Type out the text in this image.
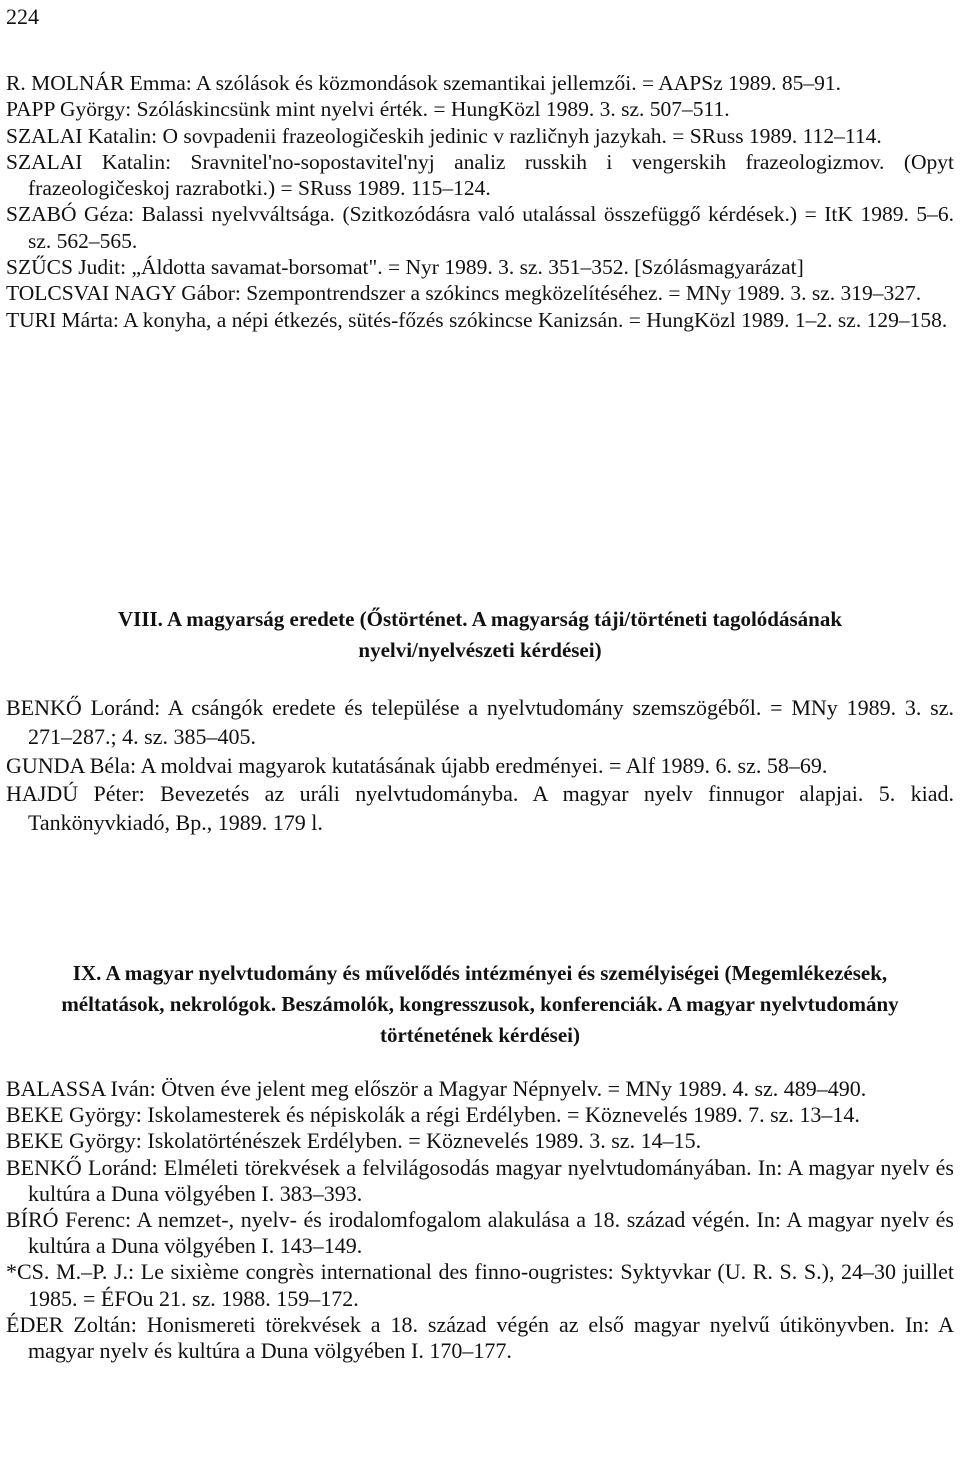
224
R. MOLNÁR Emma: A szólások és közmondások szemantikai jellemzői. = AAPSz 1989. 85–91.
PAPP György: Szóláskincsünk mint nyelvi érték. = HungKözl 1989. 3. sz. 507–511.
SZALAI Katalin: O sovpadenii frazeologičeskih jedinic v različnyh jazykah. = SRuss 1989. 112–114.
SZALAI Katalin: Sravnitel'no-sopostavitel'nyj analiz russkih i vengerskih frazeologizmov. (Opyt frazeologičeskoj razrabotki.) = SRuss 1989. 115–124.
SZABÓ Géza: Balassi nyelvváltsága. (Szitkozódásra való utalással összefüggő kérdések.) = ItK 1989. 5–6. sz. 562–565.
SZŰCS Judit: „Áldotta savamat-borsomat". = Nyr 1989. 3. sz. 351–352. [Szólásmagyarázat]
TOLCSVAI NAGY Gábor: Szempontrendszer a szókincs megközelítéséhez. = MNy 1989. 3. sz. 319–327.
TURI Márta: A konyha, a népi étkezés, sütés-főzés szókincse Kanizsán. = HungKözl 1989. 1–2. sz. 129–158.
VIII. A magyarság eredete (Őstörténet. A magyarság táji/történeti tagolódásának nyelvi/nyelvészeti kérdései)
BENKŐ Loránd: A csángók eredete és települése a nyelvtudomány szemszögéből. = MNy 1989. 3. sz. 271–287.; 4. sz. 385–405.
GUNDA Béla: A moldvai magyarok kutatásának újabb eredményei. = Alf 1989. 6. sz. 58–69.
HAJDÚ Péter: Bevezetés az uráli nyelvtudományba. A magyar nyelv finnugor alapjai. 5. kiad. Tankönyvkiadó, Bp., 1989. 179 l.
IX. A magyar nyelvtudomány és művelődés intézményei és személyiségei (Megemlékezések, méltatások, nekrológok. Beszámolók, kongresszusok, konferenciák. A magyar nyelvtudomány történetének kérdései)
BALASSA Iván: Ötven éve jelent meg először a Magyar Népnyelv. = MNy 1989. 4. sz. 489–490.
BEKE György: Iskolamesterek és népiskolák a régi Erdélyben. = Köznevelés 1989. 7. sz. 13–14.
BEKE György: Iskolatörténészek Erdélyben. = Köznevelés 1989. 3. sz. 14–15.
BENKŐ Loránd: Elméleti törekvések a felvilágosodás magyar nyelvtudományában. In: A magyar nyelv és kultúra a Duna völgyében I. 383–393.
BÍRÓ Ferenc: A nemzet-, nyelv- és irodalomfogalom alakulása a 18. század végén. In: A magyar nyelv és kultúra a Duna völgyében I. 143–149.
*CS. M.–P. J.: Le sixième congrès international des finno-ougristes: Syktyvkar (U. R. S. S.), 24–30 juillet 1985. = ÉFOu 21. sz. 1988. 159–172.
ÉDER Zoltán: Honismereti törekvések a 18. század végén az első magyar nyelvű útikönyvben. In: A magyar nyelv és kultúra a Duna völgyében I. 170–177.
